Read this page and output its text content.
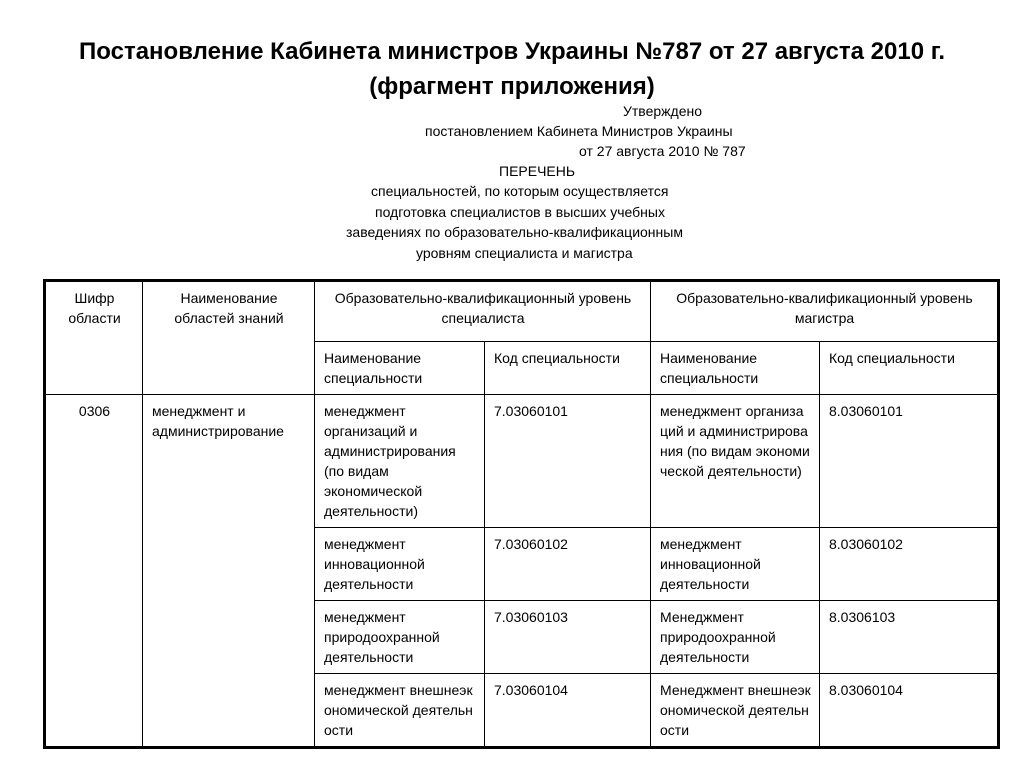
Постановление Кабинета министров Украины №787 от 27 августа 2010 г.
(фрагмент приложения)
Утверждено
постановлением Кабинета Министров Украины
от 27 августа 2010 № 787
ПЕРЕЧЕНЬ
специальностей, по которым осуществляется
подготовка специалистов в высших учебных
заведениях по образовательно-квалификационным
уровням специалиста и магистра
Шифр области	Наименование областей знаний	Образовательно-квалификационный уровень специалиста		Образовательно-квалификационный уровень магистра	
		Наименование специальности	Код специальности	Наименование специальности	Код специальности
0306	менеджмент и администрирование	менеджмент организаций и администрирования (по видам экономической деятельности)	7.03060101	менеджмент организаций и администрирования (по видам экономической деятельности)	8.03060101
		менеджмент инновационной деятельности	7.03060102	менеджмент инновационной деятельности	8.03060102
		менеджмент природоохранной деятельности	7.03060103	Менеджмент природоохранной деятельности	8.0306103
		менеджмент внешнеэкономической деятельности	7.03060104	Менеджмент внешнеэкономической деятельности	8.03060104
